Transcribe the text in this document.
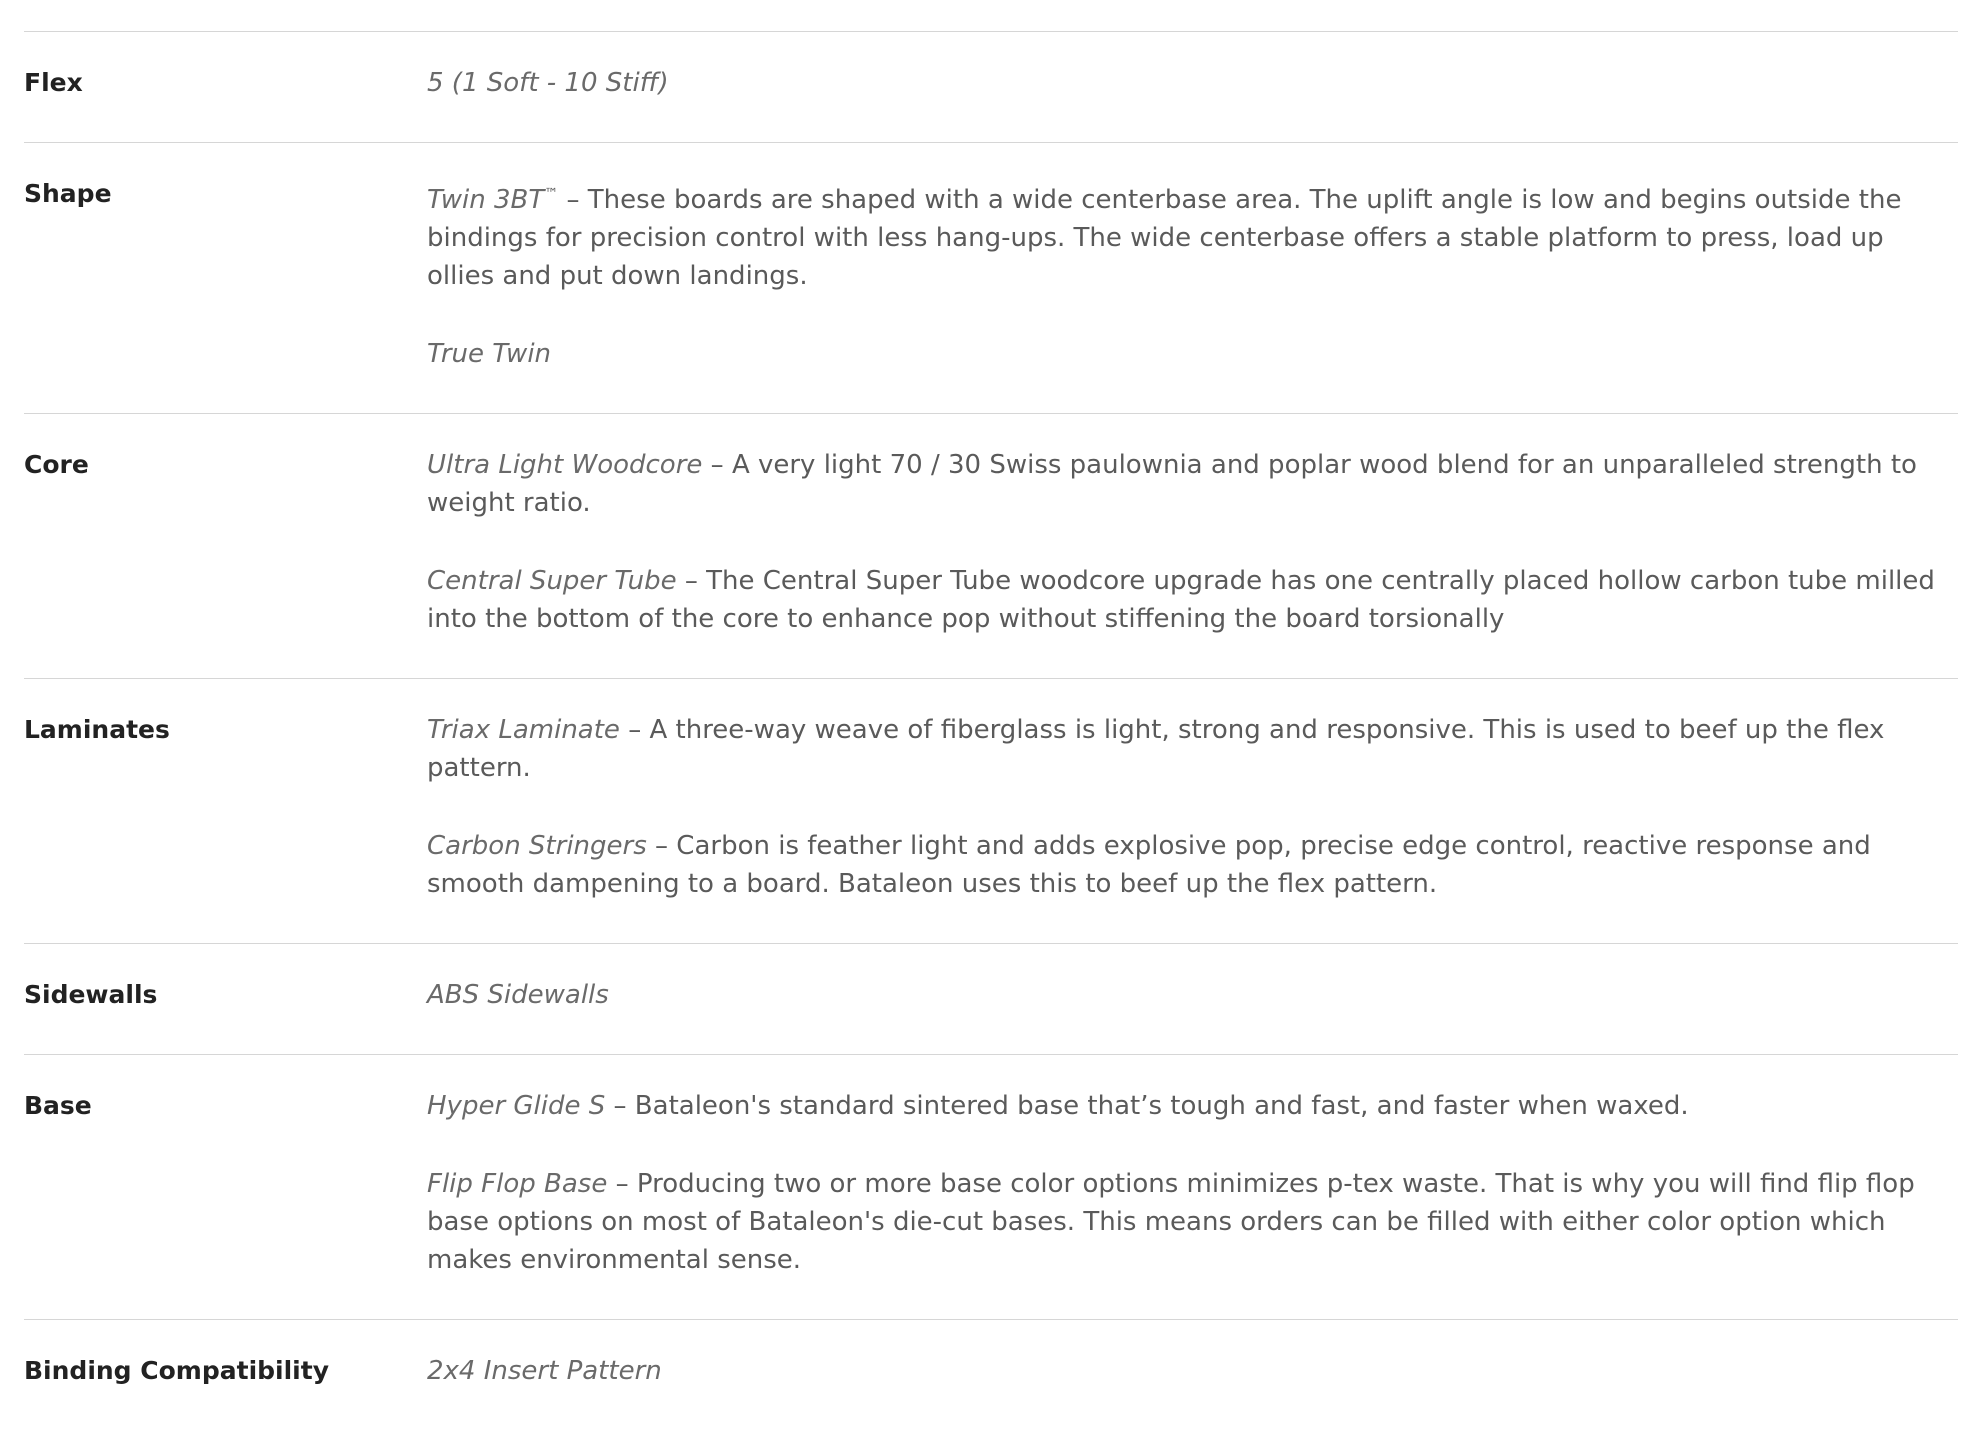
Flex	5 (1 Soft - 10 Stiff)

Shape	Twin 3BT™ – These boards are shaped with a wide centerbase area. The uplift angle is low and begins outside the bindings for precision control with less hang-ups. The wide centerbase offers a stable platform to press, load up ollies and put down landings.

True Twin

Core	Ultra Light Woodcore – A very light 70 / 30 Swiss paulownia and poplar wood blend for an unparalleled strength to weight ratio.

Central Super Tube – The Central Super Tube woodcore upgrade has one centrally placed hollow carbon tube milled into the bottom of the core to enhance pop without stiffening the board torsionally

Laminates	Triax Laminate – A three-way weave of fiberglass is light, strong and responsive. This is used to beef up the flex pattern.

Carbon Stringers – Carbon is feather light and adds explosive pop, precise edge control, reactive response and smooth dampening to a board. Bataleon uses this to beef up the flex pattern.

Sidewalls	ABS Sidewalls

Base	Hyper Glide S – Bataleon's standard sintered base that’s tough and fast, and faster when waxed.

Flip Flop Base – Producing two or more base color options minimizes p-tex waste. That is why you will find flip flop base options on most of Bataleon's die-cut bases. This means orders can be filled with either color option which makes environmental sense.

Binding Compatibility	2x4 Insert Pattern
